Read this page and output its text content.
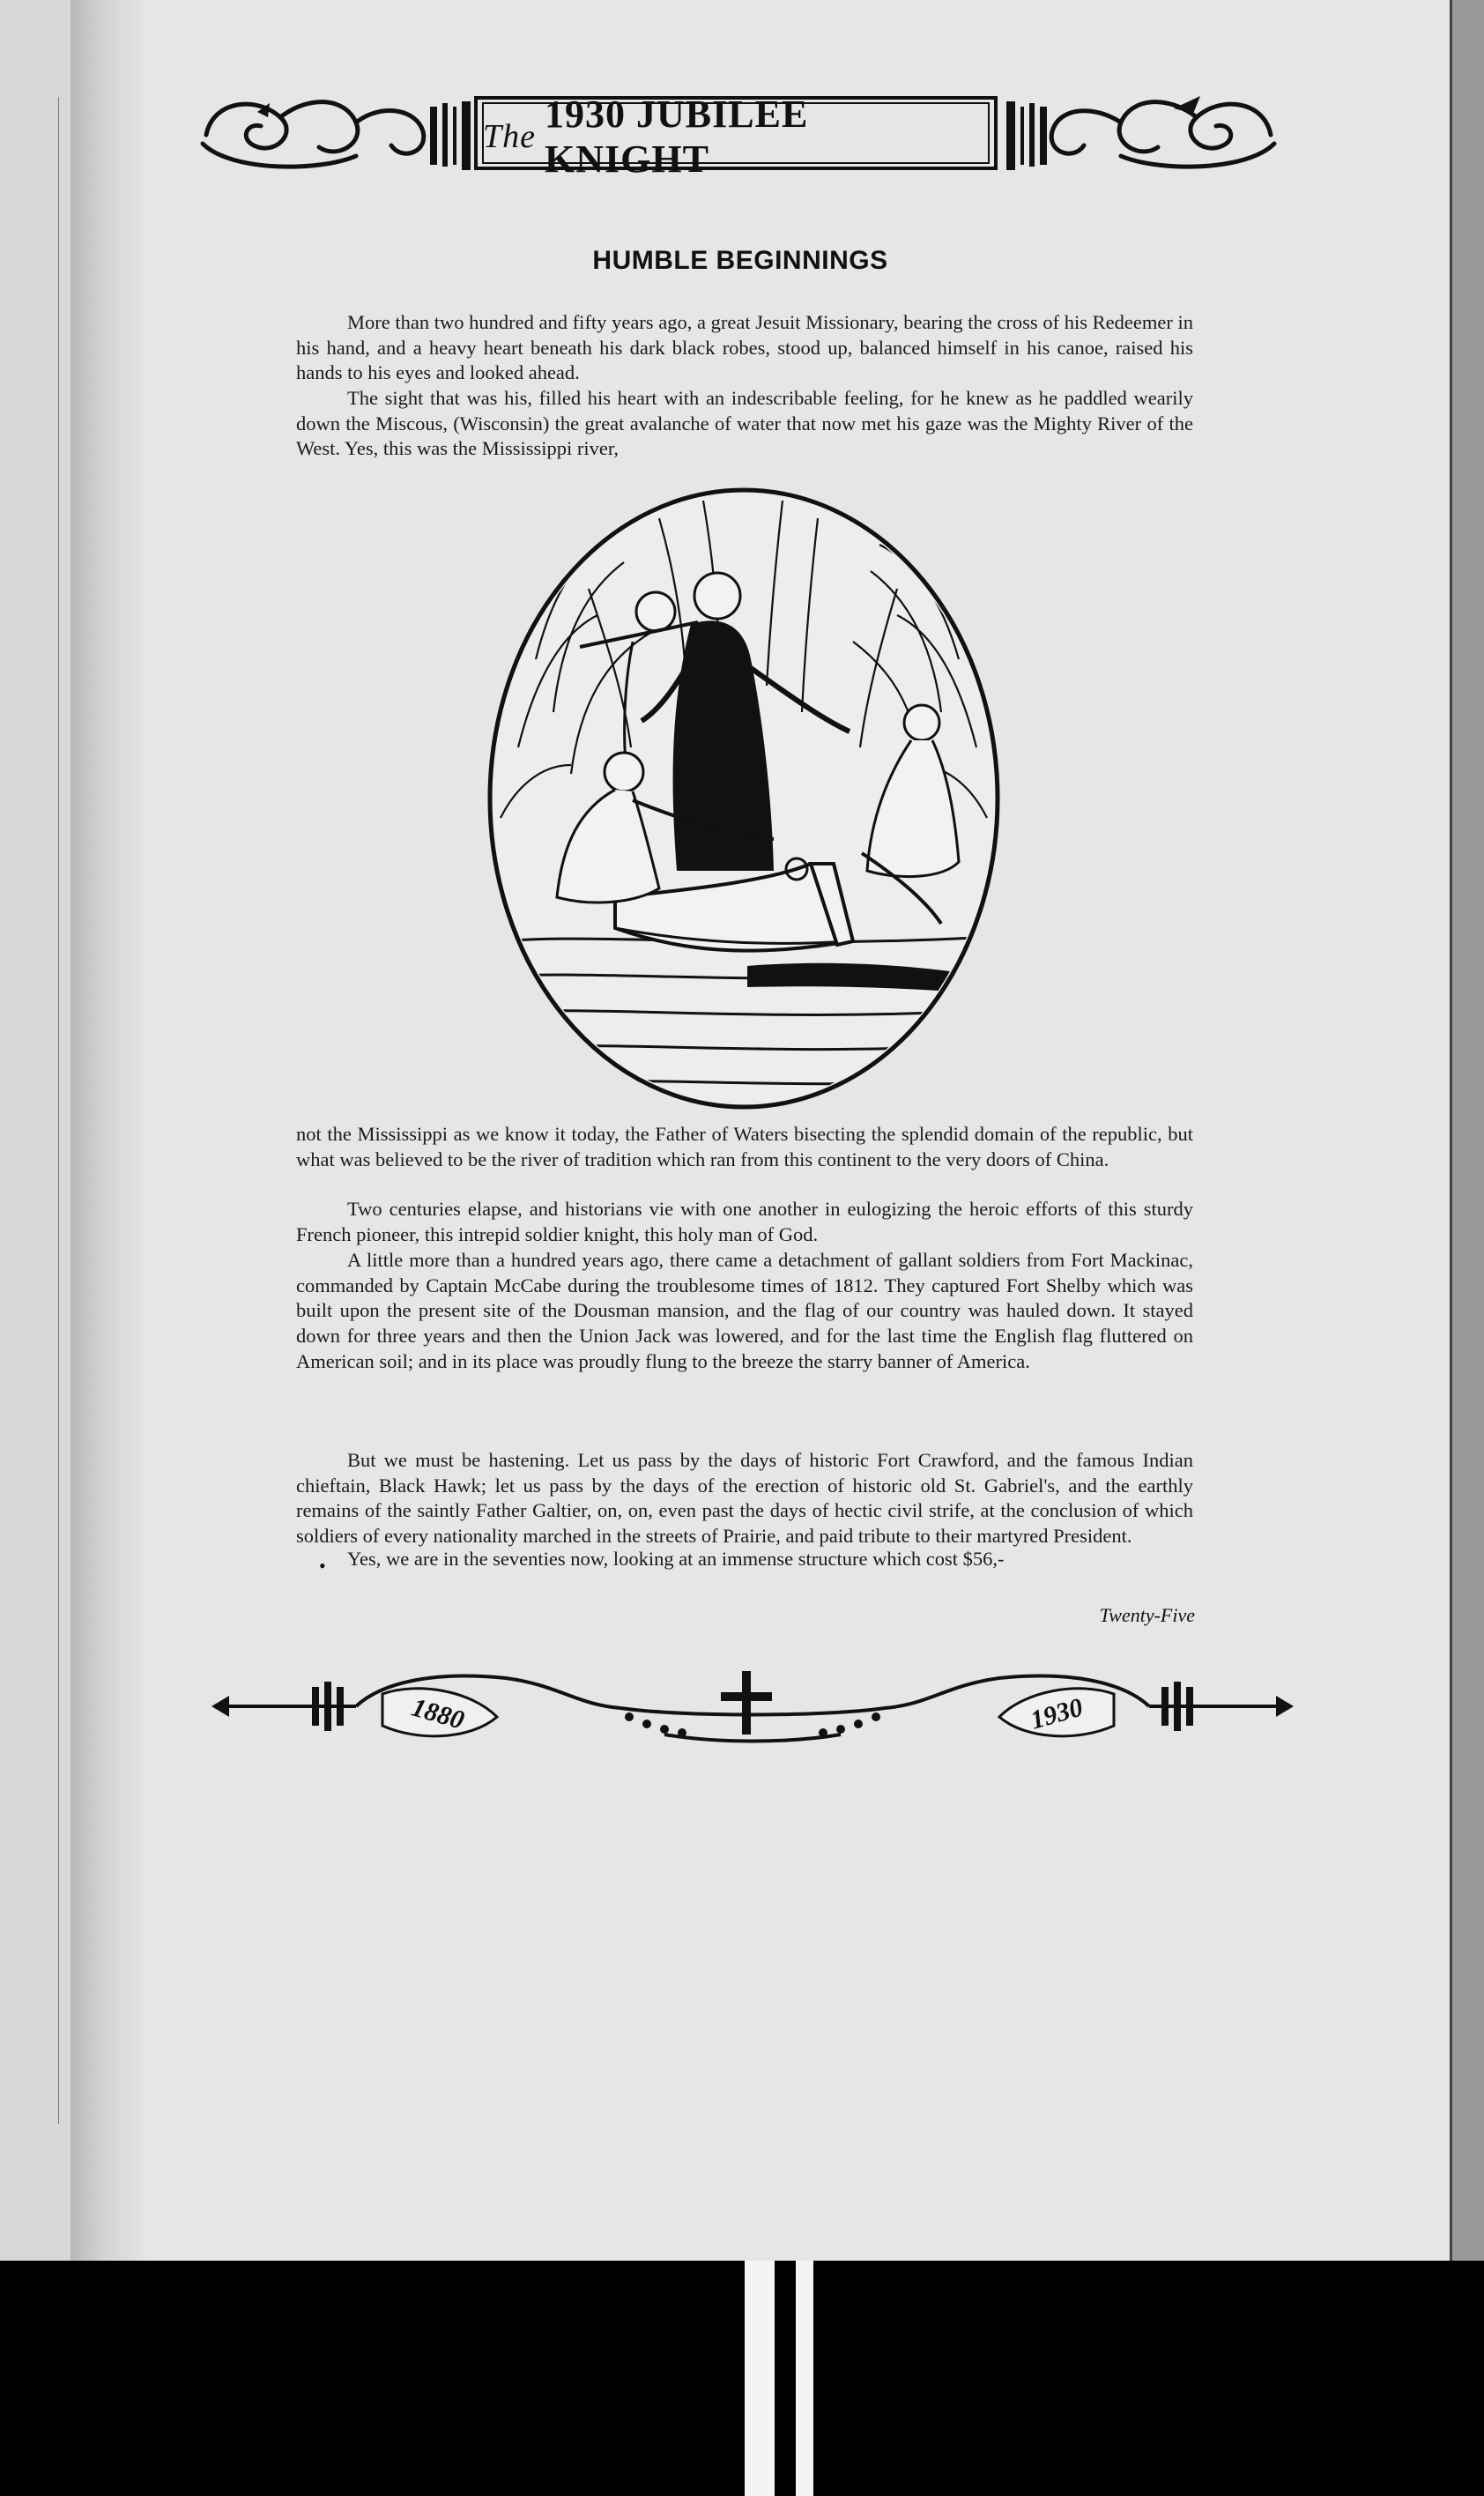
The
1930 JUBILEE KNIGHT
HUMBLE BEGINNINGS

More than two hundred and fifty years ago, a great Jesuit Missionary, bearing the cross of his Redeemer in his hand, and a heavy heart beneath his dark black robes, stood up, balanced himself in his canoe, raised his hands to his eyes and looked ahead.

The sight that was his, filled his heart with an indescribable feeling, for he knew as he paddled wearily down the Miscous, (Wisconsin) the great avalanche of water that now met his gaze was the Mighty River of the West. Yes, this was the Mississippi river,

not the Mississippi as we know it today, the Father of Waters bisecting the splendid domain of the republic, but what was believed to be the river of tradition which ran from this continent to the very doors of China.

Two centuries elapse, and historians vie with one another in eulogizing the heroic efforts of this sturdy French pioneer, this intrepid soldier knight, this holy man of God.

A little more than a hundred years ago, there came a detachment of gallant soldiers from Fort Mackinac, commanded by Captain McCabe during the troublesome times of 1812. They captured Fort Shelby which was built upon the present site of the Dousman mansion, and the flag of our country was hauled down. It stayed down for three years and then the Union Jack was lowered, and for the last time the English flag fluttered on American soil; and in its place was proudly flung to the breeze the starry banner of America.

But we must be hastening. Let us pass by the days of historic Fort Crawford, and the famous Indian chieftain, Black Hawk; let us pass by the days of the erection of historic old St. Gabriel's, and the earthly remains of the saintly Father Galtier, on, on, even past the days of hectic civil strife, at the conclusion of which soldiers of every nationality marched in the streets of Prairie, and paid tribute to their martyred President.

•	Yes, we are in the seventies now, looking at an immense structure which cost $56,-

Twenty-Five
1880	1930
